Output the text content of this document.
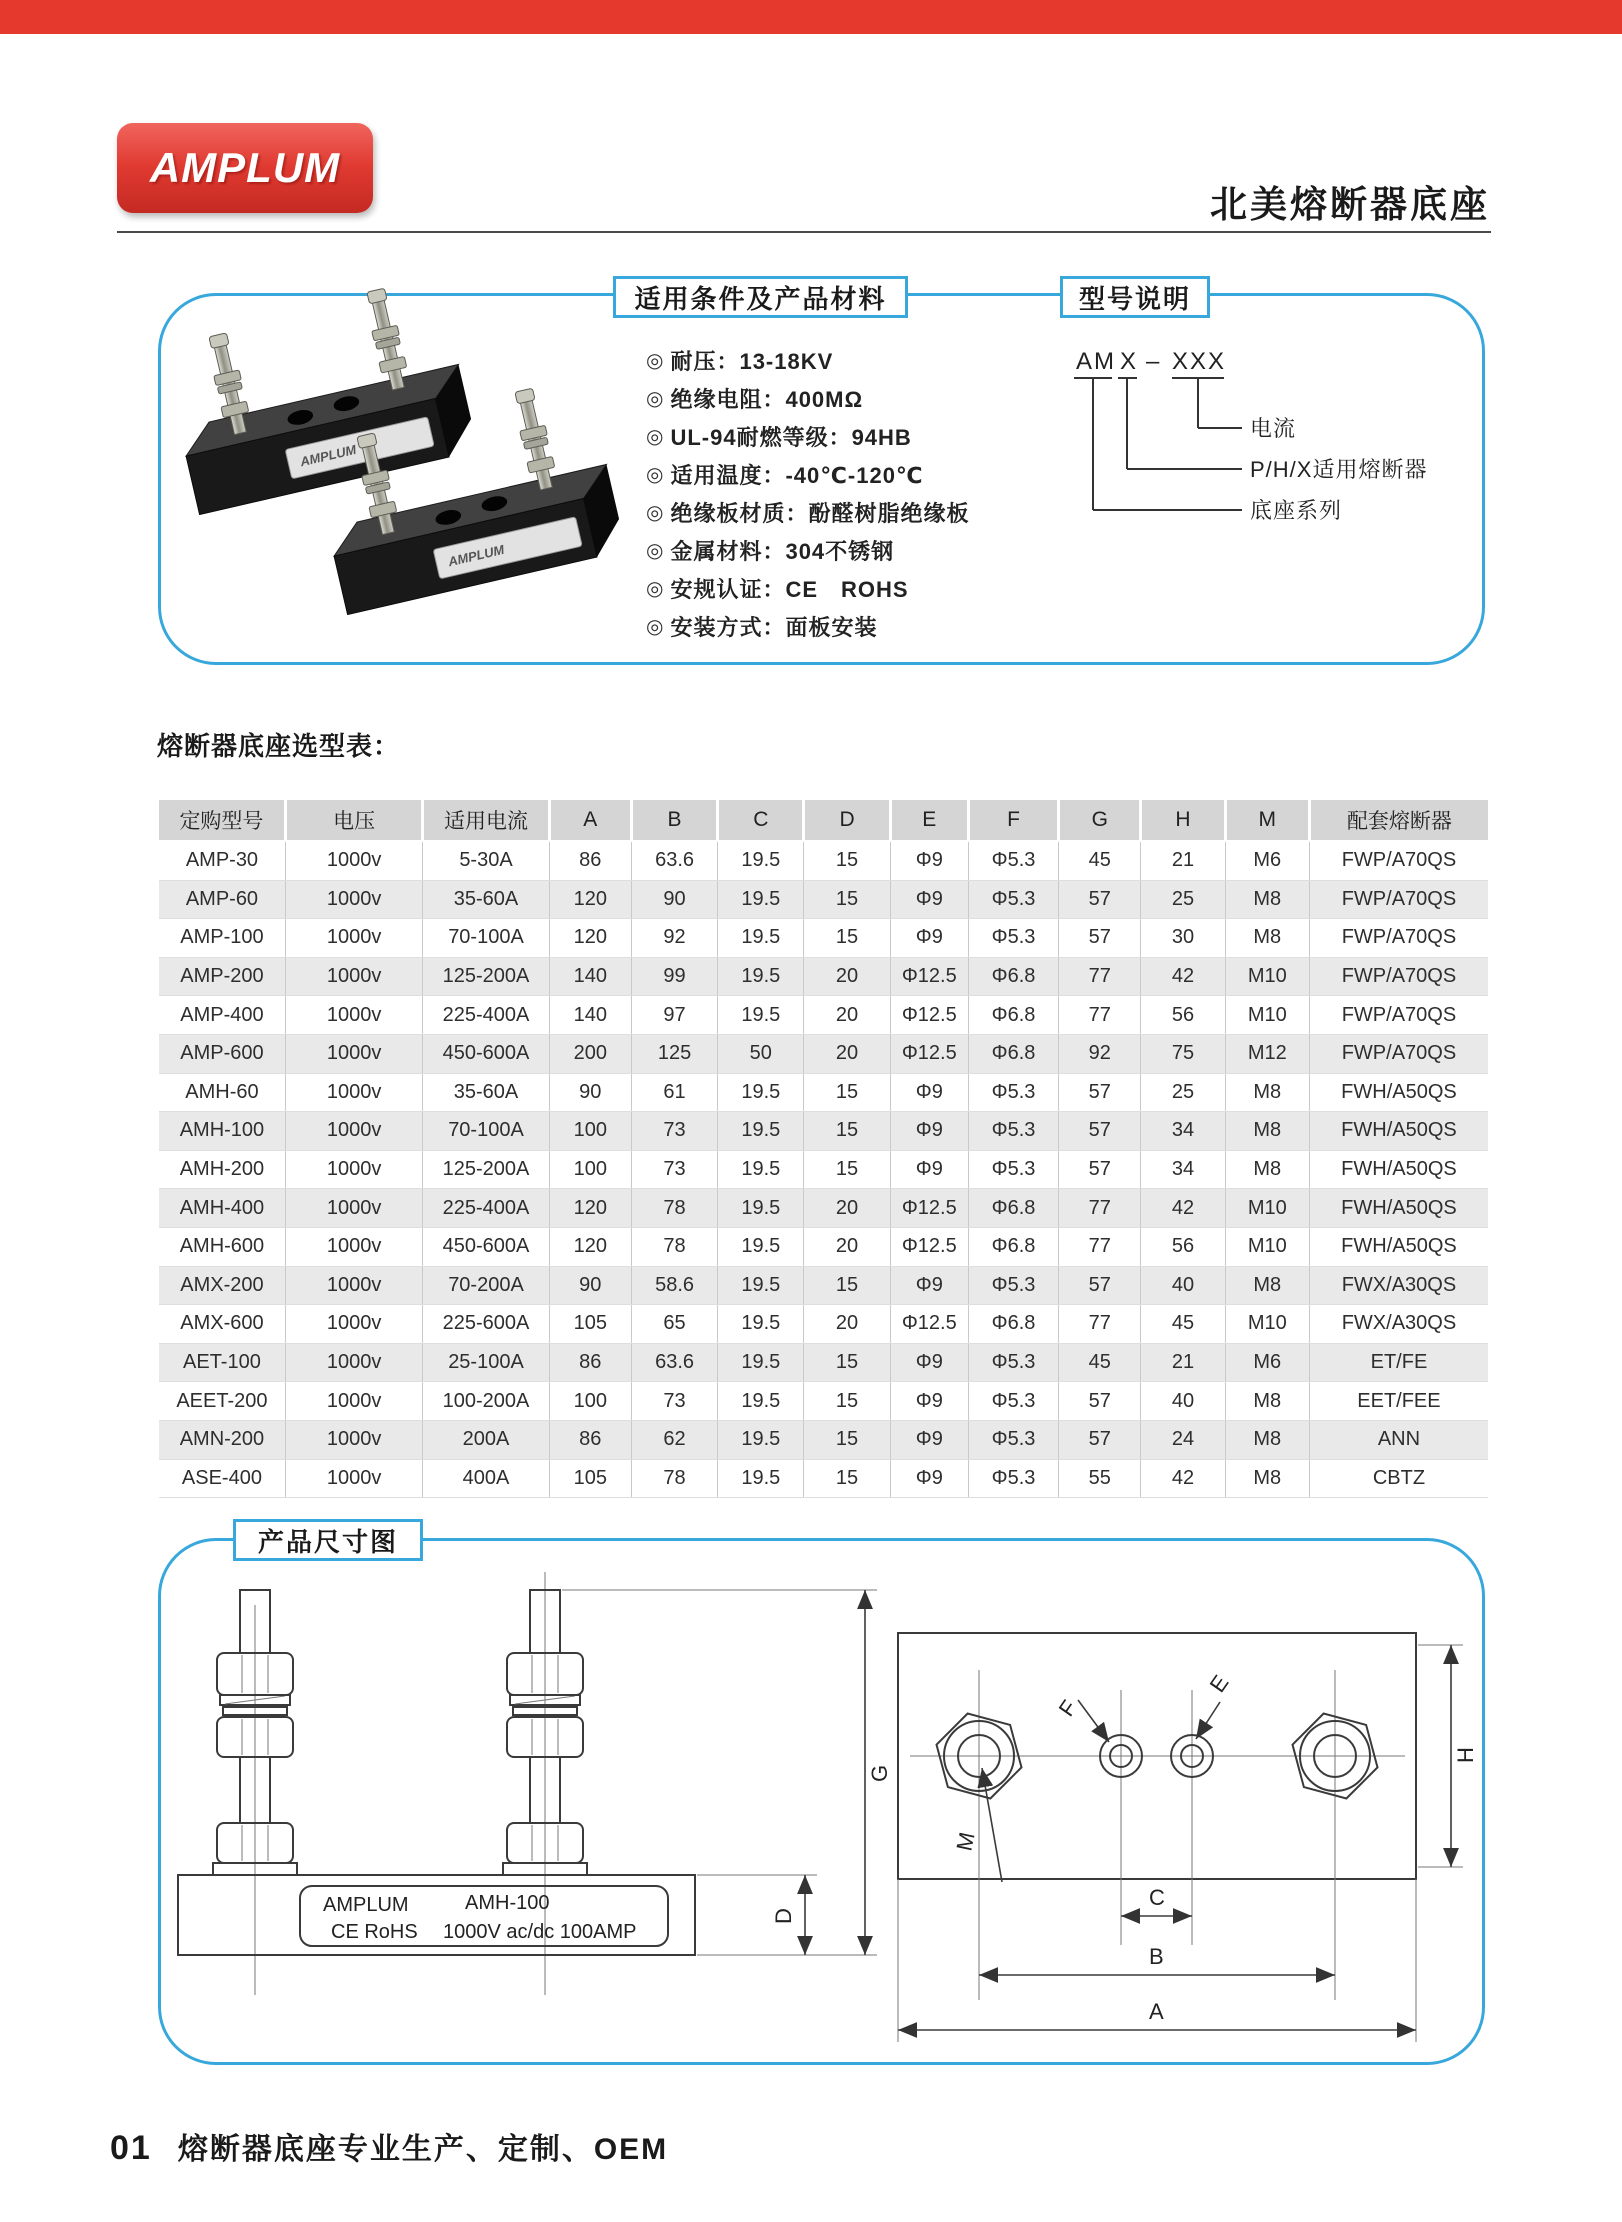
AMPLUM
北美熔断器底座
适用条件及产品材料	型号说明
AMPLUM	◎ 耐压：13-18KV
◎ 绝缘电阻：400MΩ
◎ UL-94耐燃等级：94HB
◎ 适用温度：-40℃-120℃
◎ 绝缘板材质：酚醛树脂绝缘板
◎ 金属材料：304不锈钢
◎ 安规认证：CE　ROHS
◎ 安装方式：面板安装
AM X – XXX
电流
P/H/X适用熔断器
底座系列
熔断器底座选型表：
定购型号	电压	适用电流	A	B	C	D	E	F	G	H	M	配套熔断器
AMP-30	1000v	5-30A	86	63.6	19.5	15	Φ9	Φ5.3	45	21	M6	FWP/A70QS
AMP-60	1000v	35-60A	120	90	19.5	15	Φ9	Φ5.3	57	25	M8	FWP/A70QS
AMP-100	1000v	70-100A	120	92	19.5	15	Φ9	Φ5.3	57	30	M8	FWP/A70QS
AMP-200	1000v	125-200A	140	99	19.5	20	Φ12.5	Φ6.8	77	42	M10	FWP/A70QS
AMP-400	1000v	225-400A	140	97	19.5	20	Φ12.5	Φ6.8	77	56	M10	FWP/A70QS
AMP-600	1000v	450-600A	200	125	50	20	Φ12.5	Φ6.8	92	75	M12	FWP/A70QS
AMH-60	1000v	35-60A	90	61	19.5	15	Φ9	Φ5.3	57	25	M8	FWH/A50QS
AMH-100	1000v	70-100A	100	73	19.5	15	Φ9	Φ5.3	57	34	M8	FWH/A50QS
AMH-200	1000v	125-200A	100	73	19.5	15	Φ9	Φ5.3	57	34	M8	FWH/A50QS
AMH-400	1000v	225-400A	120	78	19.5	20	Φ12.5	Φ6.8	77	42	M10	FWH/A50QS
AMH-600	1000v	450-600A	120	78	19.5	20	Φ12.5	Φ6.8	77	56	M10	FWH/A50QS
AMX-200	1000v	70-200A	90	58.6	19.5	15	Φ9	Φ5.3	57	40	M8	FWX/A30QS
AMX-600	1000v	225-600A	105	65	19.5	20	Φ12.5	Φ6.8	77	45	M10	FWX/A30QS
AET-100	1000v	25-100A	86	63.6	19.5	15	Φ9	Φ5.3	45	21	M6	ET/FE
AEET-200	1000v	100-200A	100	73	19.5	15	Φ9	Φ5.3	57	40	M8	EET/FEE
AMN-200	1000v	200A	86	62	19.5	15	Φ9	Φ5.3	57	24	M8	ANN
ASE-400	1000v	400A	105	78	19.5	15	Φ9	Φ5.3	55	42	M8	CBTZ
产品尺寸图
AMPLUM	AMH-100
CE RoHS 1000V ac/dc 100AMP
G
D
F
E
M
H
C
B
A
01 熔断器底座专业生产、定制、OEM
